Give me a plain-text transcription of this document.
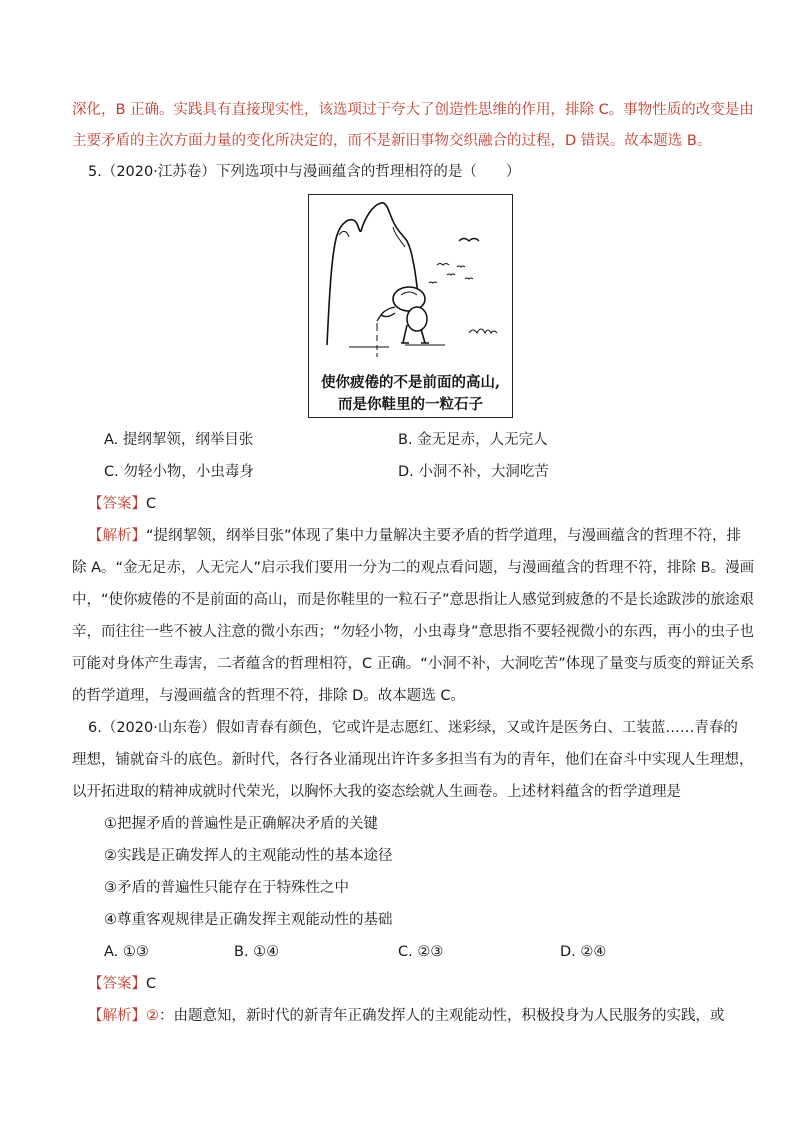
深化，B 正确。实践具有直接现实性，该选项过于夸大了创造性思维的作用，排除 C。事物性质的改变是由
主要矛盾的主次方面力量的变化所决定的，而不是新旧事物交织融合的过程，D 错误。故本题选 B。
5.（2020·江苏卷）下列选项中与漫画蕴含的哲理相符的是（　　）
使你疲倦的不是前面的高山,
而是你鞋里的一粒石子
A. 提纲挈领，纲举目张	B. 金无足赤，人无完人
C. 勿轻小物，小虫毒身	D. 小洞不补，大洞吃苦
【答案】C
【解析】“提纲挈领，纲举目张”体现了集中力量解决主要矛盾的哲学道理，与漫画蕴含的哲理不符，排
除 A。“金无足赤，人无完人”启示我们要用一分为二的观点看问题，与漫画蕴含的哲理不符，排除 B。漫画
中，“使你疲倦的不是前面的高山，而是你鞋里的一粒石子”意思指让人感觉到疲惫的不是长途跋涉的旅途艰
辛，而往往一些不被人注意的微小东西；“勿轻小物，小虫毒身”意思指不要轻视微小的东西，再小的虫子也
可能对身体产生毒害，二者蕴含的哲理相符，C 正确。“小洞不补，大洞吃苦”体现了量变与质变的辩证关系
的哲学道理，与漫画蕴含的哲理不符，排除 D。故本题选 C。
6.（2020·山东卷）假如青春有颜色，它或许是志愿红、迷彩绿，又或许是医务白、工装蓝……青春的
理想，铺就奋斗的底色。新时代，各行各业涌现出许许多多担当有为的青年，他们在奋斗中实现人生理想，
以开拓进取的精神成就时代荣光，以胸怀大我的姿态绘就人生画卷。上述材料蕴含的哲学道理是
①把握矛盾的普遍性是正确解决矛盾的关键
②实践是正确发挥人的主观能动性的基本途径
③矛盾的普遍性只能存在于特殊性之中
④尊重客观规律是正确发挥主观能动性的基础
A. ①③	B. ①④	C. ②③	D. ②④
【答案】C
【解析】②：由题意知，新时代的新青年正确发挥人的主观能动性，积极投身为人民服务的实践，或
